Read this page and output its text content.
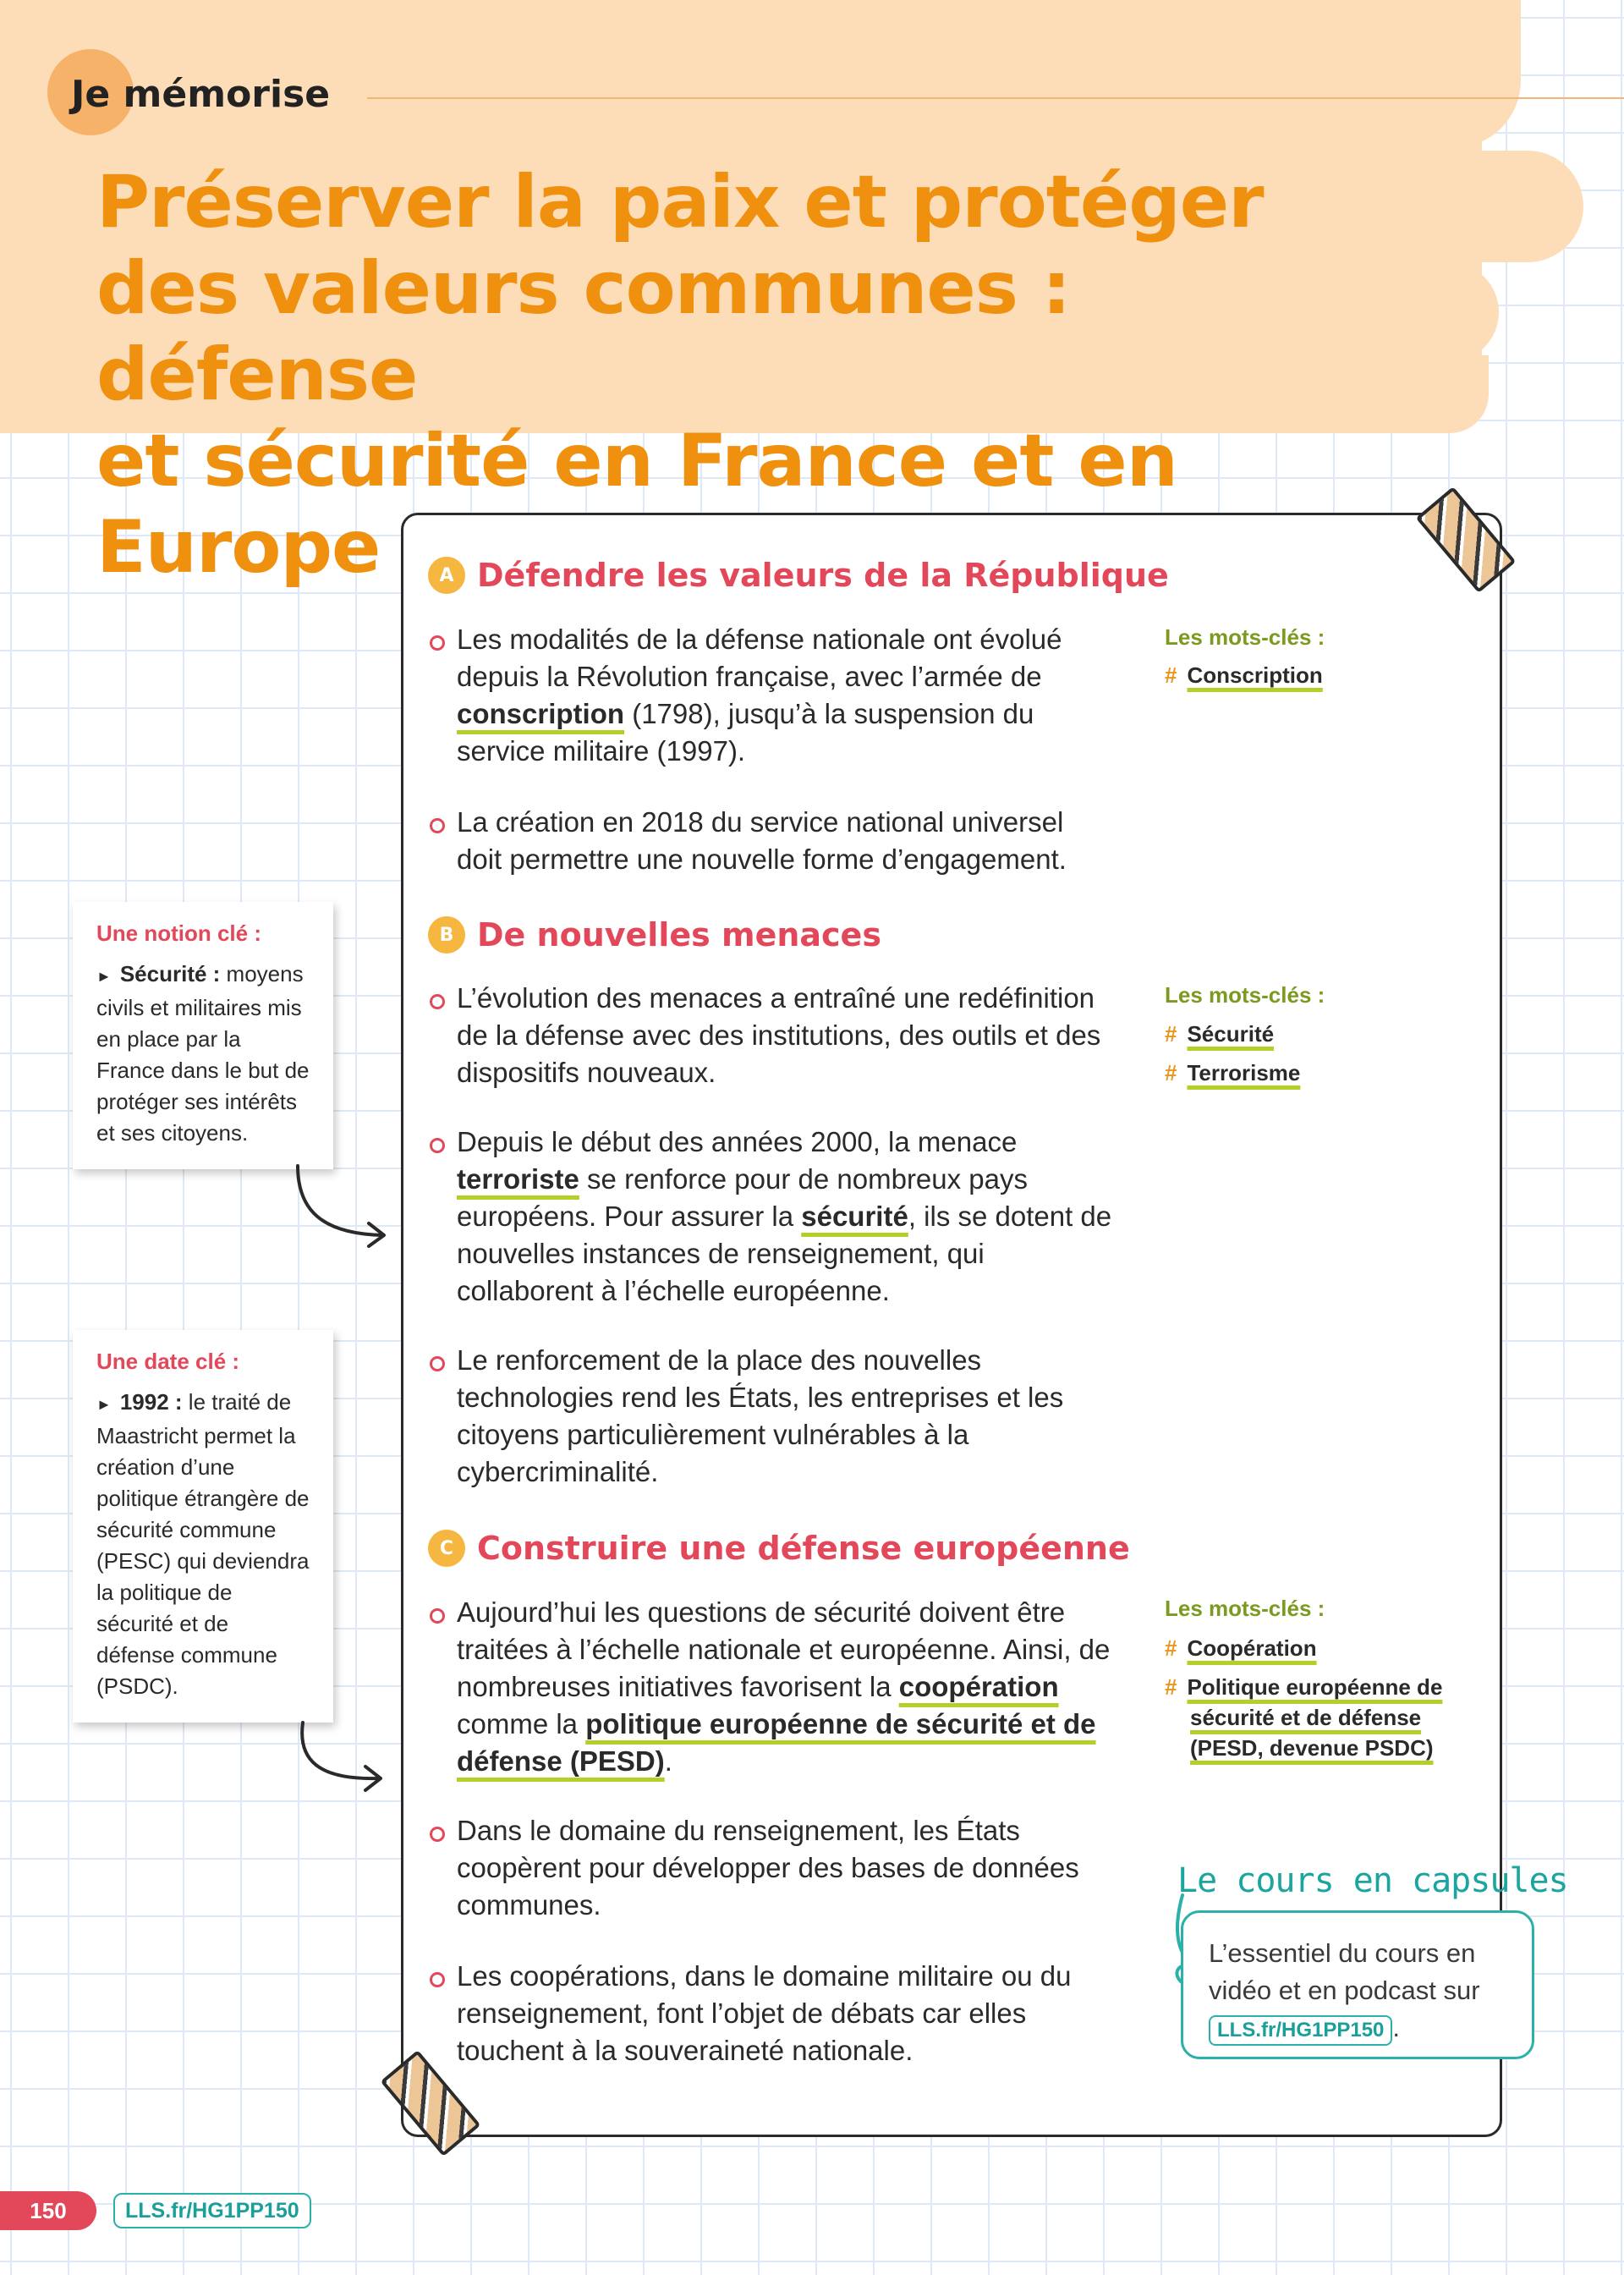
Je mémorise
Préserver la paix et protéger
des valeurs communes : défense
et sécurité en France et en Europe	A Défendre les valeurs de la République
Les modalités de la défense nationale ont évolué depuis la Révolution française, avec l’armée de conscription (1798), jusqu’à la suspension du service militaire (1997).
La création en 2018 du service national universel doit permettre une nouvelle forme d’engagement.
Les mots-clés :
# Conscription
B De nouvelles menaces
L’évolution des menaces a entraîné une redéfinition de la défense avec des institutions, des outils et des dispositifs nouveaux.
Depuis le début des années 2000, la menace terroriste se renforce pour de nombreux pays européens. Pour assurer la sécurité, ils se dotent de nouvelles instances de renseignement, qui collaborent à l’échelle européenne.
Le renforcement de la place des nouvelles technologies rend les États, les entreprises et les citoyens particulièrement vulnérables à la cybercriminalité.
Les mots-clés :
# Sécurité
# Terrorisme
C Construire une défense européenne
Aujourd’hui les questions de sécurité doivent être traitées à l’échelle nationale et européenne. Ainsi, de nombreuses initiatives favorisent la coopération comme la politique européenne de sécurité et de défense (PESD).
Dans le domaine du renseignement, les États coopèrent pour développer des bases de données communes.
Les coopérations, dans le domaine militaire ou du renseignement, font l’objet de débats car elles touchent à la souveraineté nationale.
Les mots-clés :
# Coopération
# Politique européenne de sécurité et de défense (PESD, devenue PSDC)
Une notion clé :
► Sécurité : moyens civils et militaires mis en place par la France dans le but de protéger ses intérêts et ses citoyens.
Une date clé :
► 1992 : le traité de Maastricht permet la création d’une politique étrangère de sécurité commune (PESC) qui deviendra la politique de sécurité et de défense commune (PSDC).
Le cours en capsules
L’essentiel du cours en vidéo et en podcast sur
LLS.fr/HG1PP150 .
150	LLS.fr/HG1PP150
